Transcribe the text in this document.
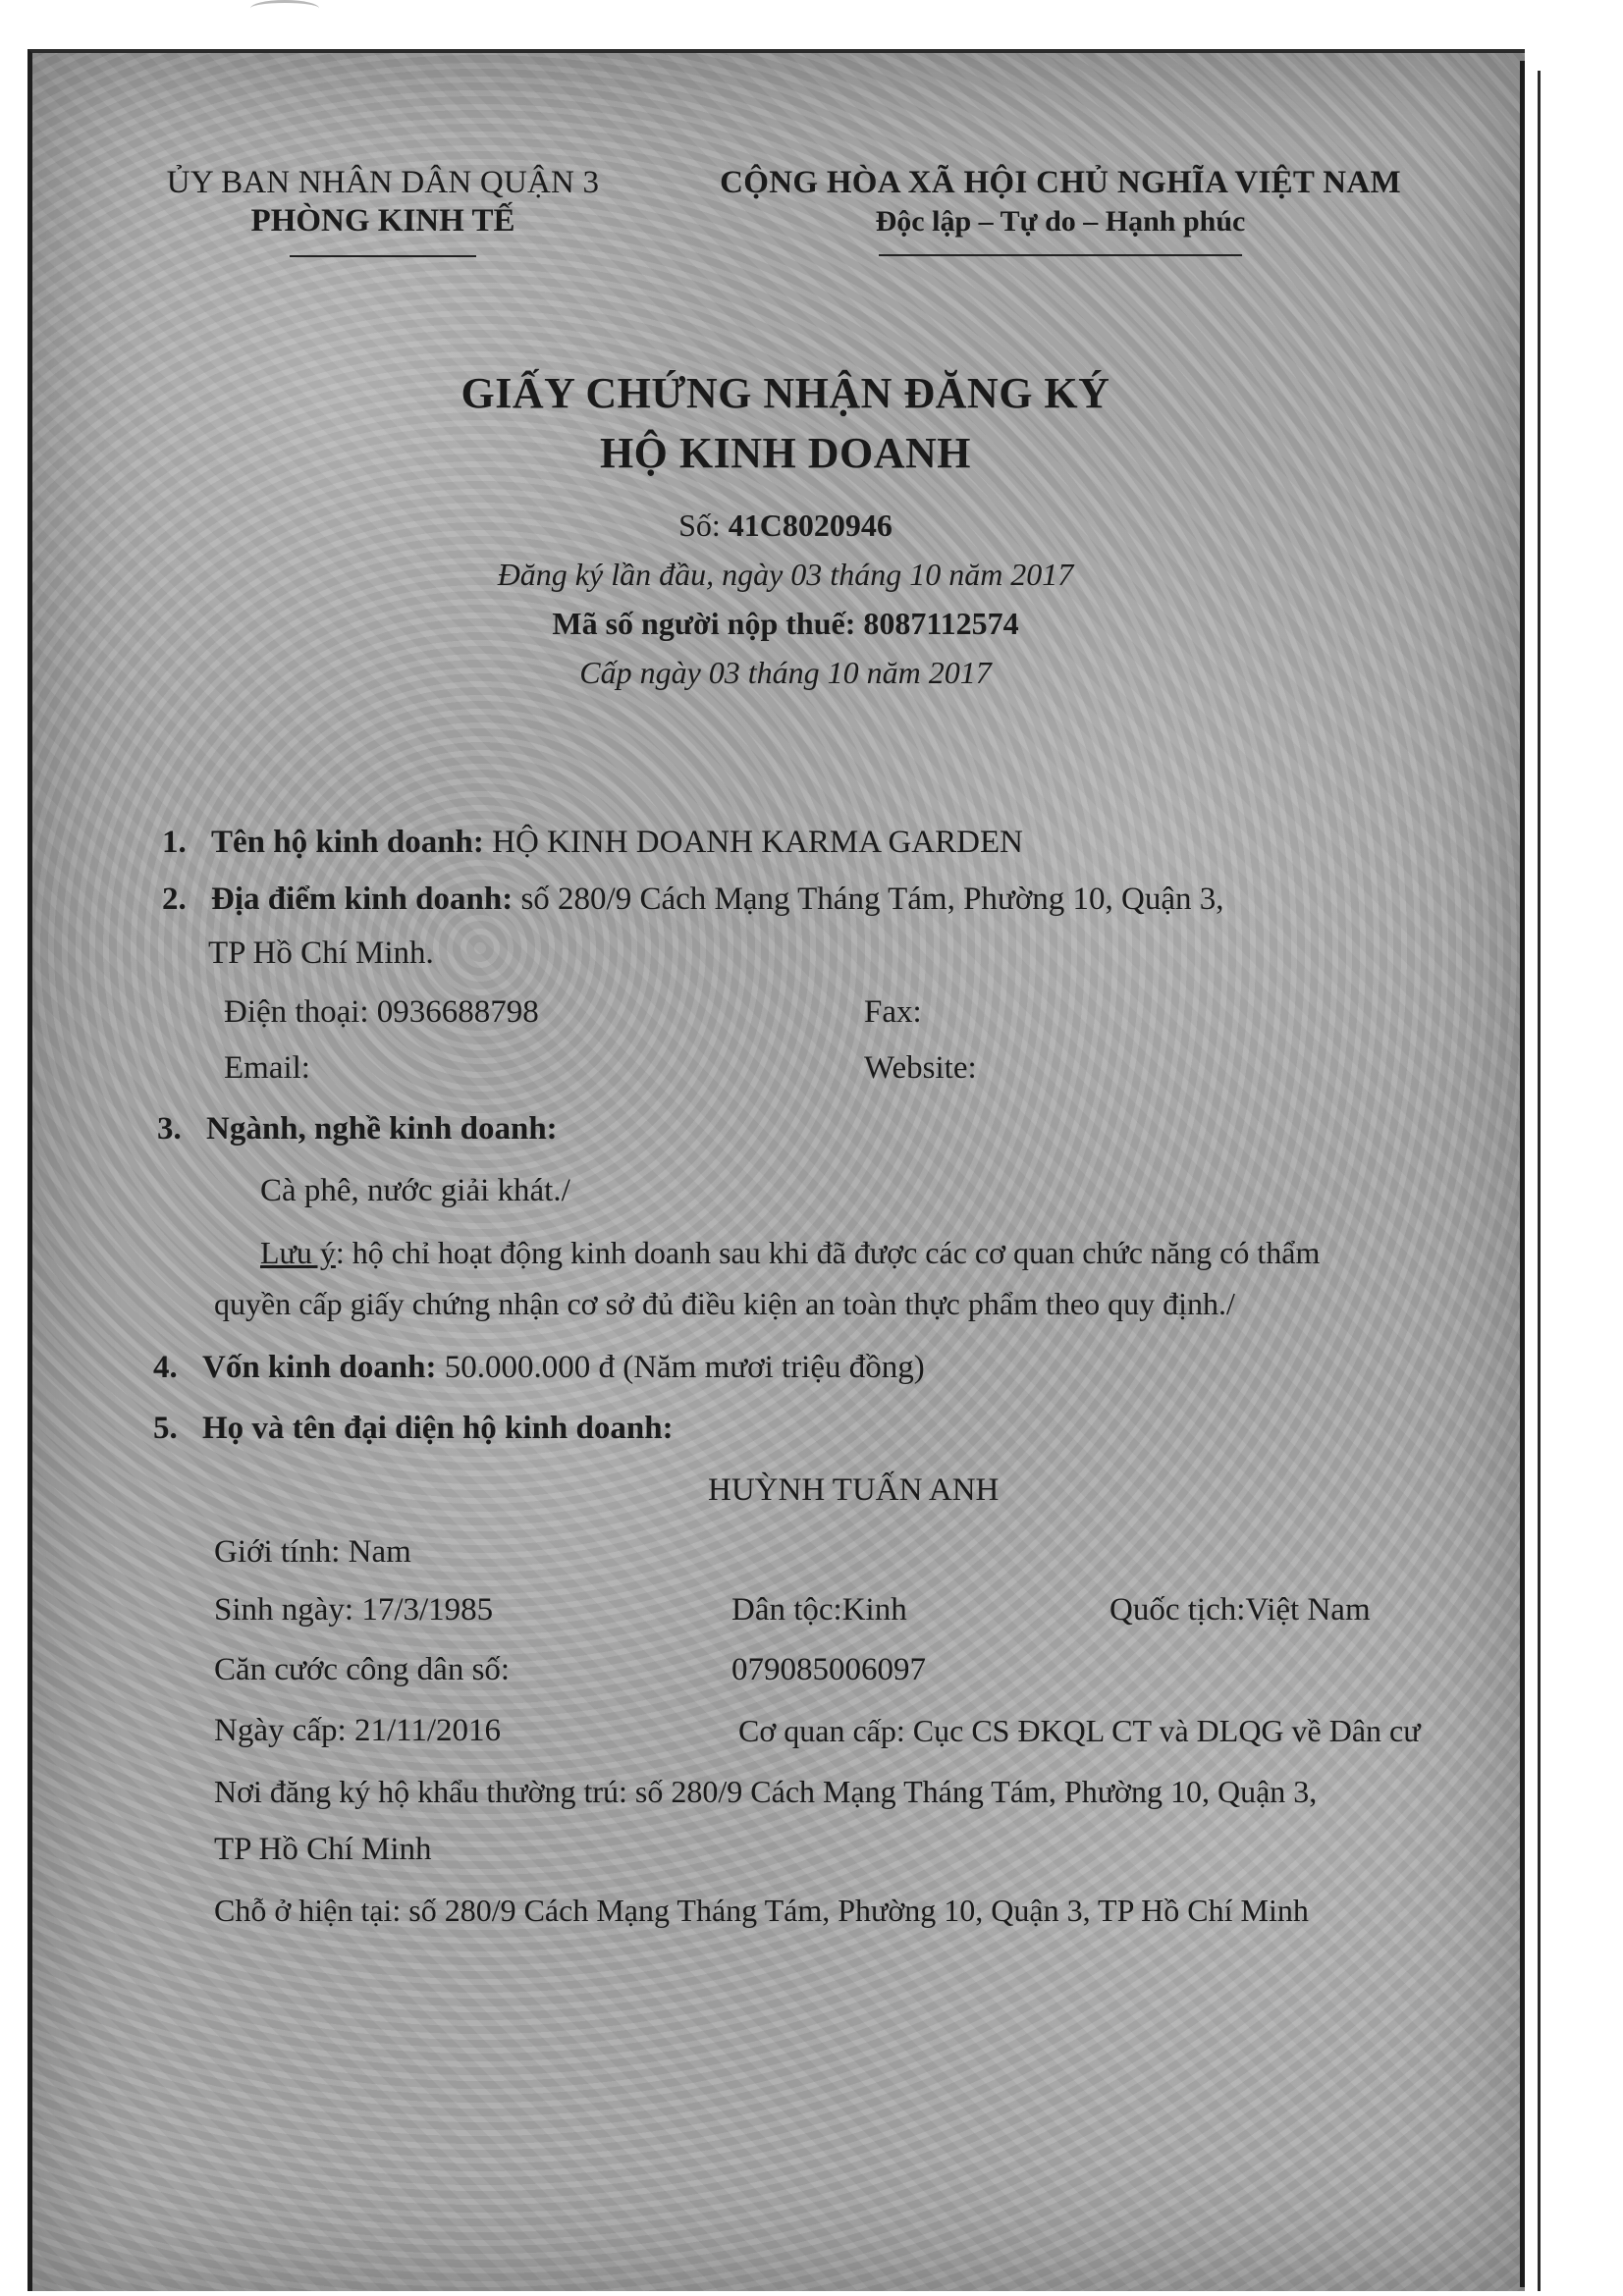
ỦY BAN NHÂN DÂN QUẬN 3
PHÒNG KINH TẾ
CỘNG HÒA XÃ HỘI CHỦ NGHĨA VIỆT NAM
Độc lập – Tự do – Hạnh phúc
GIẤY CHỨNG NHẬN ĐĂNG KÝ
HỘ KINH DOANH
Số: 41C8020946
Đăng ký lần đầu, ngày 03 tháng 10 năm 2017
Mã số người nộp thuế: 8087112574
Cấp ngày 03 tháng 10 năm 2017
1. Tên hộ kinh doanh: HỘ KINH DOANH KARMA GARDEN
2. Địa điểm kinh doanh: số 280/9 Cách Mạng Tháng Tám, Phường 10, Quận 3,
TP Hồ Chí Minh.
Điện thoại: 0936688798	Fax:
Email:	Website:
3. Ngành, nghề kinh doanh:
Cà phê, nước giải khát./
Lưu ý: hộ chỉ hoạt động kinh doanh sau khi đã được các cơ quan chức năng có thẩm
quyền cấp giấy chứng nhận cơ sở đủ điều kiện an toàn thực phẩm theo quy định./
4. Vốn kinh doanh: 50.000.000 đ (Năm mươi triệu đồng)
5. Họ và tên đại diện hộ kinh doanh:
HUỲNH TUẤN ANH
Giới tính: Nam
Sinh ngày: 17/3/1985	Dân tộc:Kinh	Quốc tịch:Việt Nam
Căn cước công dân số:	079085006097
Ngày cấp: 21/11/2016	Cơ quan cấp: Cục CS ĐKQL CT và DLQG về Dân cư
Nơi đăng ký hộ khẩu thường trú: số 280/9 Cách Mạng Tháng Tám, Phường 10, Quận 3,
TP Hồ Chí Minh
Chỗ ở hiện tại: số 280/9 Cách Mạng Tháng Tám, Phường 10, Quận 3, TP Hồ Chí Minh
